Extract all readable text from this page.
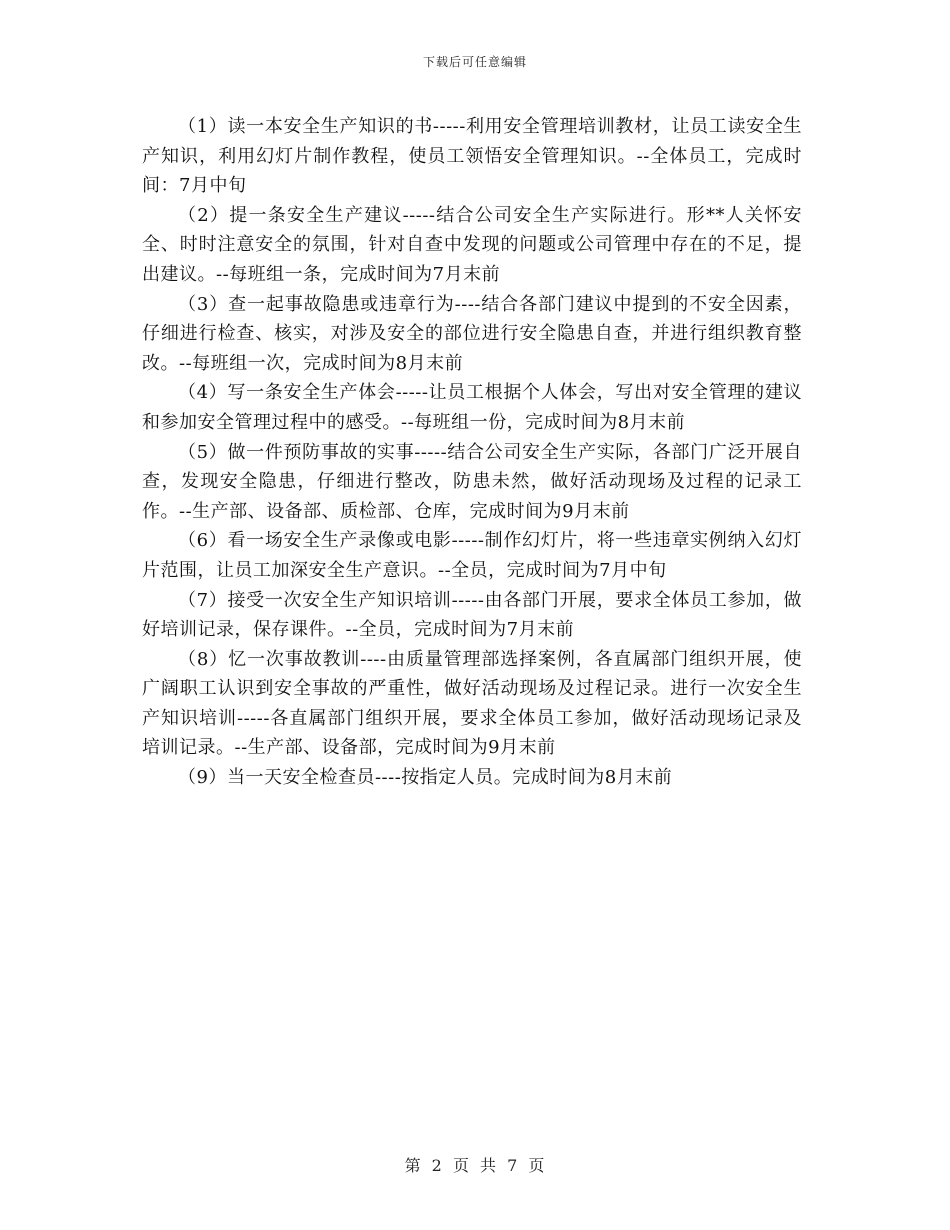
下载后可任意编辑

（1）读一本安全生产知识的书-----利用安全管理培训教材，让员工读安全生产知识，利用幻灯片制作教程，使员工领悟安全管理知识。--全体员工，完成时间：7月中旬

（2）提一条安全生产建议-----结合公司安全生产实际进行。形**人关怀安全、时时注意安全的氛围，针对自查中发现的问题或公司管理中存在的不足，提出建议。--每班组一条，完成时间为7月末前

（3）查一起事故隐患或违章行为----结合各部门建议中提到的不安全因素，仔细进行检查、核实，对涉及安全的部位进行安全隐患自查，并进行组织教育整改。--每班组一次，完成时间为8月末前

（4）写一条安全生产体会-----让员工根据个人体会，写出对安全管理的建议和参加安全管理过程中的感受。--每班组一份，完成时间为8月末前

（5）做一件预防事故的实事-----结合公司安全生产实际，各部门广泛开展自查，发现安全隐患，仔细进行整改，防患未然，做好活动现场及过程的记录工作。--生产部、设备部、质检部、仓库，完成时间为9月末前

（6）看一场安全生产录像或电影-----制作幻灯片，将一些违章实例纳入幻灯片范围，让员工加深安全生产意识。--全员，完成时间为7月中旬

（7）接受一次安全生产知识培训-----由各部门开展，要求全体员工参加，做好培训记录，保存课件。--全员，完成时间为7月末前

（8）忆一次事故教训----由质量管理部选择案例，各直属部门组织开展，使广阔职工认识到安全事故的严重性，做好活动现场及过程记录。进行一次安全生产知识培训-----各直属部门组织开展，要求全体员工参加，做好活动现场记录及培训记录。--生产部、设备部，完成时间为9月末前

（9）当一天安全检查员----按指定人员。完成时间为8月末前

第 2 页 共 7 页
